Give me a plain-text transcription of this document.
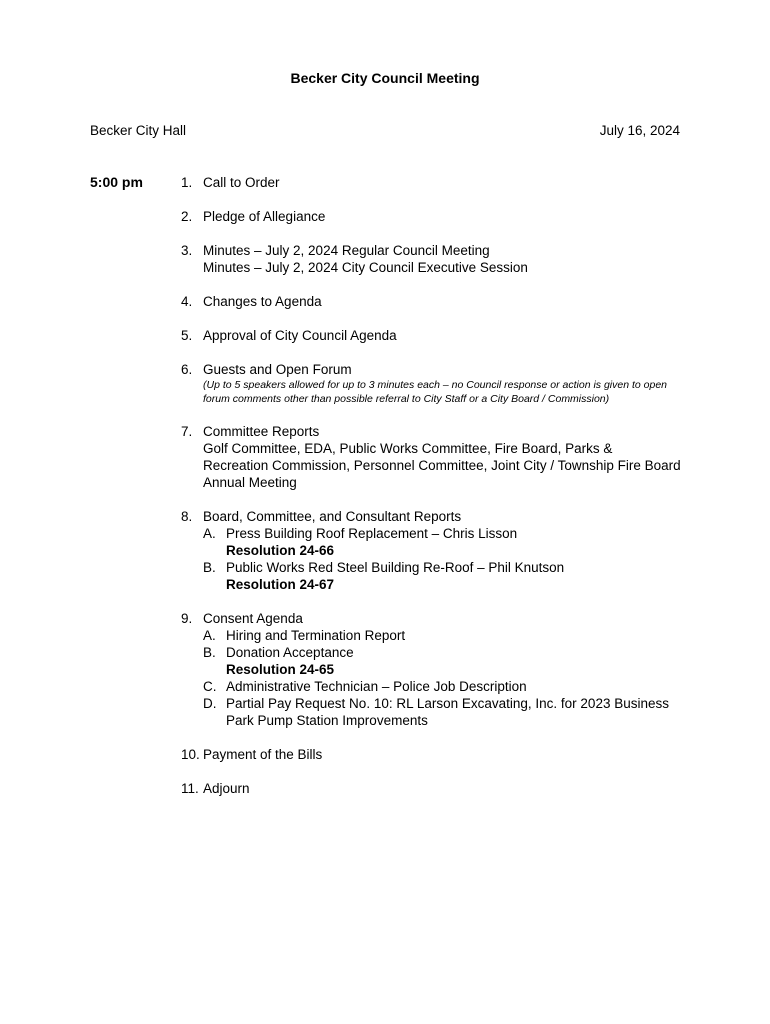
Becker City Council Meeting
Becker City Hall	July 16, 2024
5:00 pm	1. Call to Order
2. Pledge of Allegiance
3. Minutes – July 2, 2024 Regular Council Meeting
Minutes – July 2, 2024 City Council Executive Session
4. Changes to Agenda
5. Approval of City Council Agenda
6. Guests and Open Forum
(Up to 5 speakers allowed for up to 3 minutes each – no Council response or action is given to open forum comments other than possible referral to City Staff or a City Board / Commission)
7. Committee Reports
Golf Committee, EDA, Public Works Committee, Fire Board, Parks & Recreation Commission, Personnel Committee, Joint City / Township Fire Board Annual Meeting
8. Board, Committee, and Consultant Reports
A. Press Building Roof Replacement – Chris Lisson
Resolution 24-66
B. Public Works Red Steel Building Re-Roof – Phil Knutson
Resolution 24-67
9. Consent Agenda
A. Hiring and Termination Report
B. Donation Acceptance
Resolution 24-65
C. Administrative Technician – Police Job Description
D. Partial Pay Request No. 10: RL Larson Excavating, Inc. for 2023 Business Park Pump Station Improvements
10. Payment of the Bills
11. Adjourn
